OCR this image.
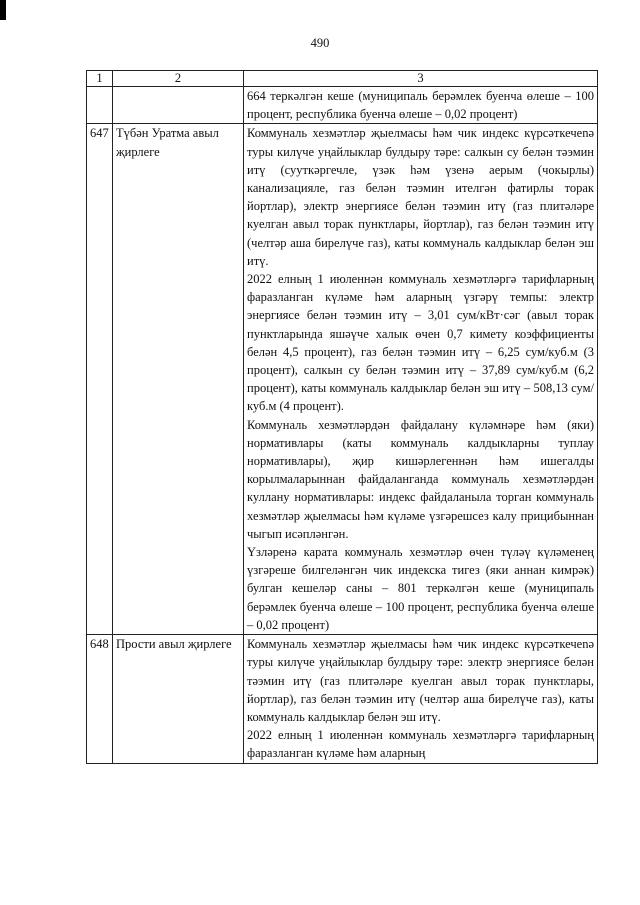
490
1	2	3

		664 теркәлгән кеше (муниципаль берәмлек буенча өлеше – 100 процент, республика буенча өлеше – 0,02 процент)

647	Түбән Уратма авыл җирлеге	Коммуналь хезмәтләр җыелмасы һәм чик индекс күрсәткечenә туры килүче уңайлыклар булдыру тәре: салкын су белән тәэмин итү (сууткәргечле, үзәк һәм үзенә аерым (чокырлы) канализацияле, газ белән тәэмин ителгән фатирлы торак йортлар), электр энергиясе белән тәэмин итү (газ плитәләре куелган авыл торак пунктлары, йортлар), газ белән тәэмин итү (челтәр аша бирелүче газ), каты коммуналь калдыклар белән эш итү.

2022 елның 1 июленнән коммуналь хезмәтләргә тарифларның фаразланган күләме һәм аларның үзгәрү темпы: электр энергиясе белән тәэмин итү – 3,01 сум/кВт·сәг (авыл торак пунктларында яшәүче халык өчен 0,7 кимету коэффициенты белән 4,5 процент), газ белән тәэмин итү – 6,25 сум/куб.м (3 процент), салкын су белән тәэмин итү – 37,89 сум/куб.м (6,2 процент), каты коммуналь калдыклар белән эш итү – 508,13 сум/куб.м (4 процент).

Коммуналь хезмәтләрдән файдалану күләмнәре һәм (яки) нормативлары (каты коммуналь калдыкларны туплау нормативлары), җир кишәрлегеннән һәм ишегалды корылмаларыннан файдаланганда коммуналь хезмәтләрдән куллану нормативлары: индекс файдаланыла торган коммуналь хезмәтләр җыелмасы һәм күләме үзгәрешсез калу прицибыннан чыгып исәпләнгән.

Үзләренә карата коммуналь хезмәтләр өчен түләү күләменең үзгәреше билгеләнгән чик индекска тигез (яки аннан кимрәк) булган кешеләр саны – 801 теркәлгән кеше (муниципаль берәмлек буенча өлеше – 100 процент, республика буенча өлеше – 0,02 процент)

648	Прости авыл җирлеге	Коммуналь хезмәтләр җыелмасы һәм чик индекс күрсәткечenә туры килүче уңайлыклар булдыру тәре: электр энергиясе белән тәэмин итү (газ плитәләре куелган авыл торак пунктлары, йортлар), газ белән тәэмин итү (челтәр аша бирелүче газ), каты коммуналь калдыклар белән эш итү.

2022 елның 1 июленнән коммуналь хезмәтләргә тарифларның фаразланган күләме һәм аларның
